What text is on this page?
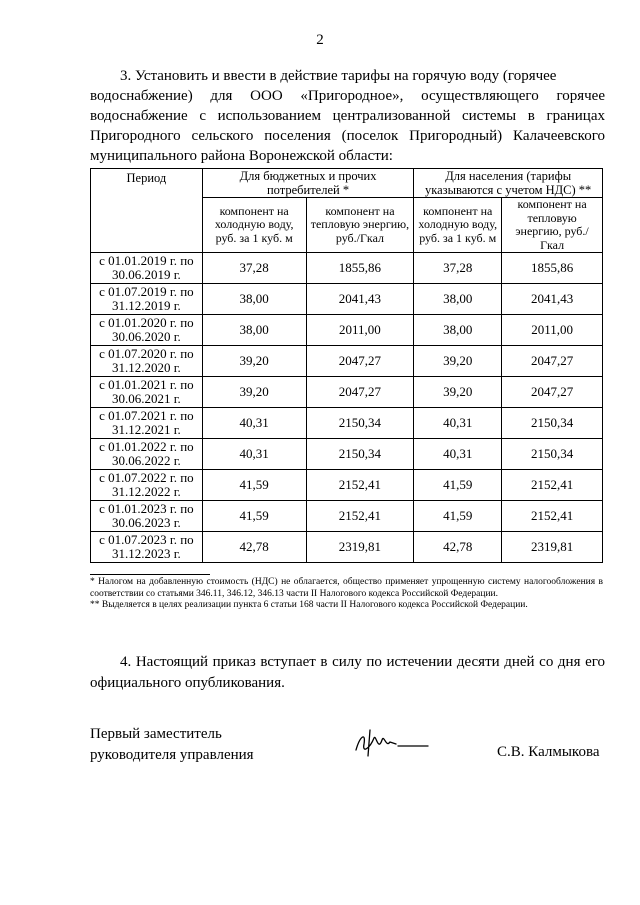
2
3. Установить и ввести в действие тарифы на горячую воду (горячее
водоснабжение) для ООО «Пригородное», осуществляющего горячее водоснабжение с использованием централизованной системы в границах Пригородного сельского поселения (поселок Пригородный) Калачеевского муниципального района Воронежской области:
Период	Для бюджетных и прочих потребителей *		Для населения (тарифы указываются с учетом НДС) **	
	компонент на холодную воду, руб. за 1 куб. м	компонент на тепловую энергию, руб./Гкал	компонент на холодную воду, руб. за 1 куб. м	компонент на тепловую энергию, руб./Гкал
с 01.01.2019 г. по
30.06.2019 г.	37,28	1855,86	37,28	1855,86
с 01.07.2019 г. по
31.12.2019 г.	38,00	2041,43	38,00	2041,43
с 01.01.2020 г. по
30.06.2020 г.	38,00	2011,00	38,00	2011,00
с 01.07.2020 г. по
31.12.2020 г.	39,20	2047,27	39,20	2047,27
с 01.01.2021 г. по
30.06.2021 г.	39,20	2047,27	39,20	2047,27
с 01.07.2021 г. по
31.12.2021 г.	40,31	2150,34	40,31	2150,34
с 01.01.2022 г. по
30.06.2022 г.	40,31	2150,34	40,31	2150,34
с 01.07.2022 г. по
31.12.2022 г.	41,59	2152,41	41,59	2152,41
с 01.01.2023 г. по
30.06.2023 г.	41,59	2152,41	41,59	2152,41
с 01.07.2023 г. по
31.12.2023 г.	42,78	2319,81	42,78	2319,81
* Налогом на добавленную стоимость (НДС) не облагается, общество применяет упрощенную систему налогообложения в соответствии со статьями 346.11, 346.12, 346.13 части II Налогового кодекса Российской Федерации.
** Выделяется в целях реализации пункта 6 статьи 168 части II Налогового кодекса Российской Федерации.
4. Настоящий приказ вступает в силу по истечении десяти дней со дня его официального опубликования.
Первый заместитель
руководителя управления	С.В. Калмыкова
